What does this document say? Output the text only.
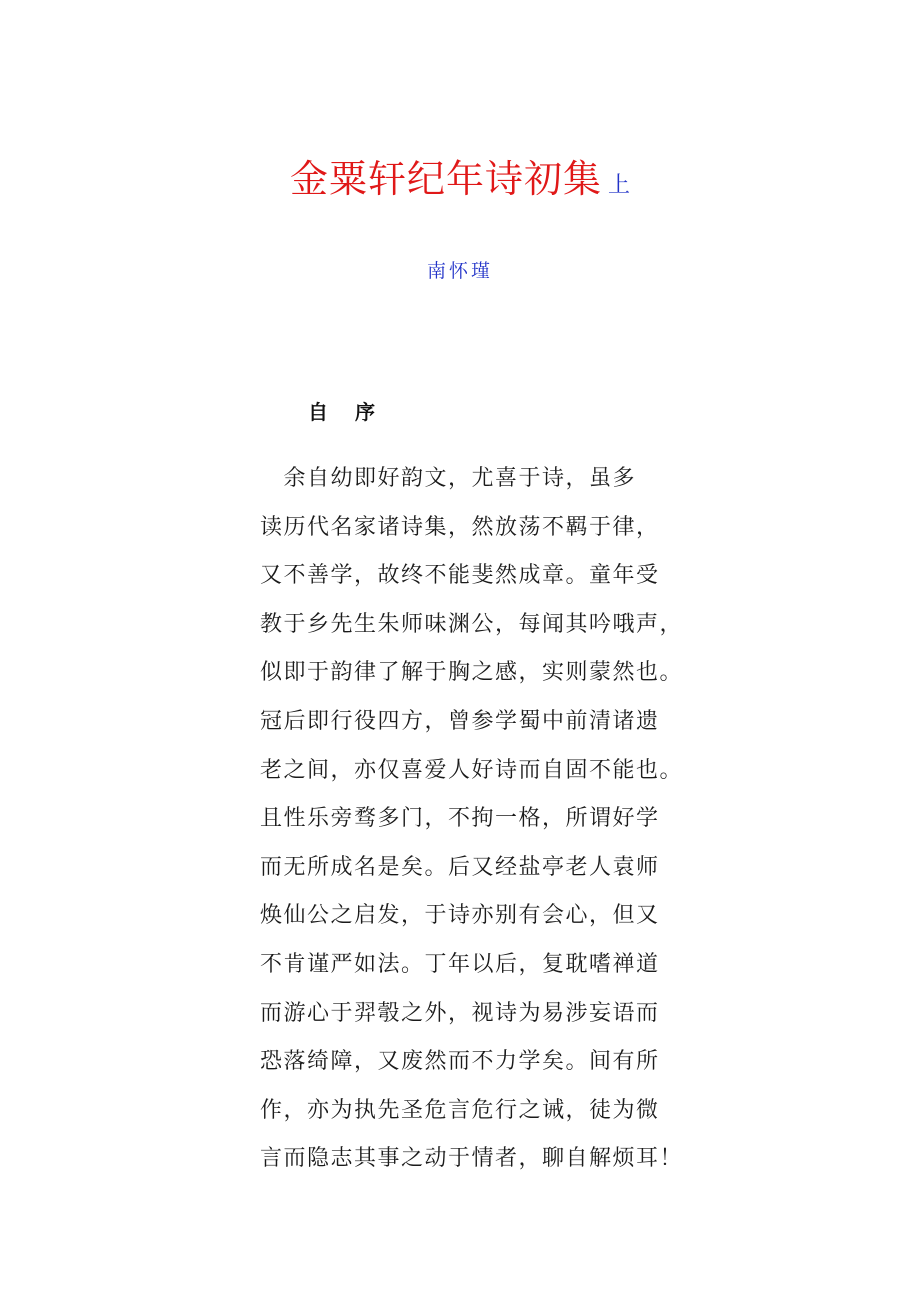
金粟轩纪年诗初集 上
南怀瑾
自 序
　余自幼即好韵文，尤喜于诗，虽多
读历代名家诸诗集，然放荡不羁于律，
又不善学，故终不能斐然成章。童年受
教于乡先生朱师味渊公，每闻其吟哦声，
似即于韵律了解于胸之感，实则蒙然也。
冠后即行役四方，曾参学蜀中前清诸遗
老之间，亦仅喜爱人好诗而自固不能也。
且性乐旁骛多门，不拘一格，所谓好学
而无所成名是矣。后又经盐亭老人袁师
焕仙公之启发，于诗亦别有会心，但又
不肯谨严如法。丁年以后，复耽嗜禅道
而游心于羿彀之外，视诗为易涉妄语而
恐落绮障，又废然而不力学矣。间有所
作，亦为执先圣危言危行之诫，徒为微
言而隐志其事之动于情者，聊自解烦耳！
